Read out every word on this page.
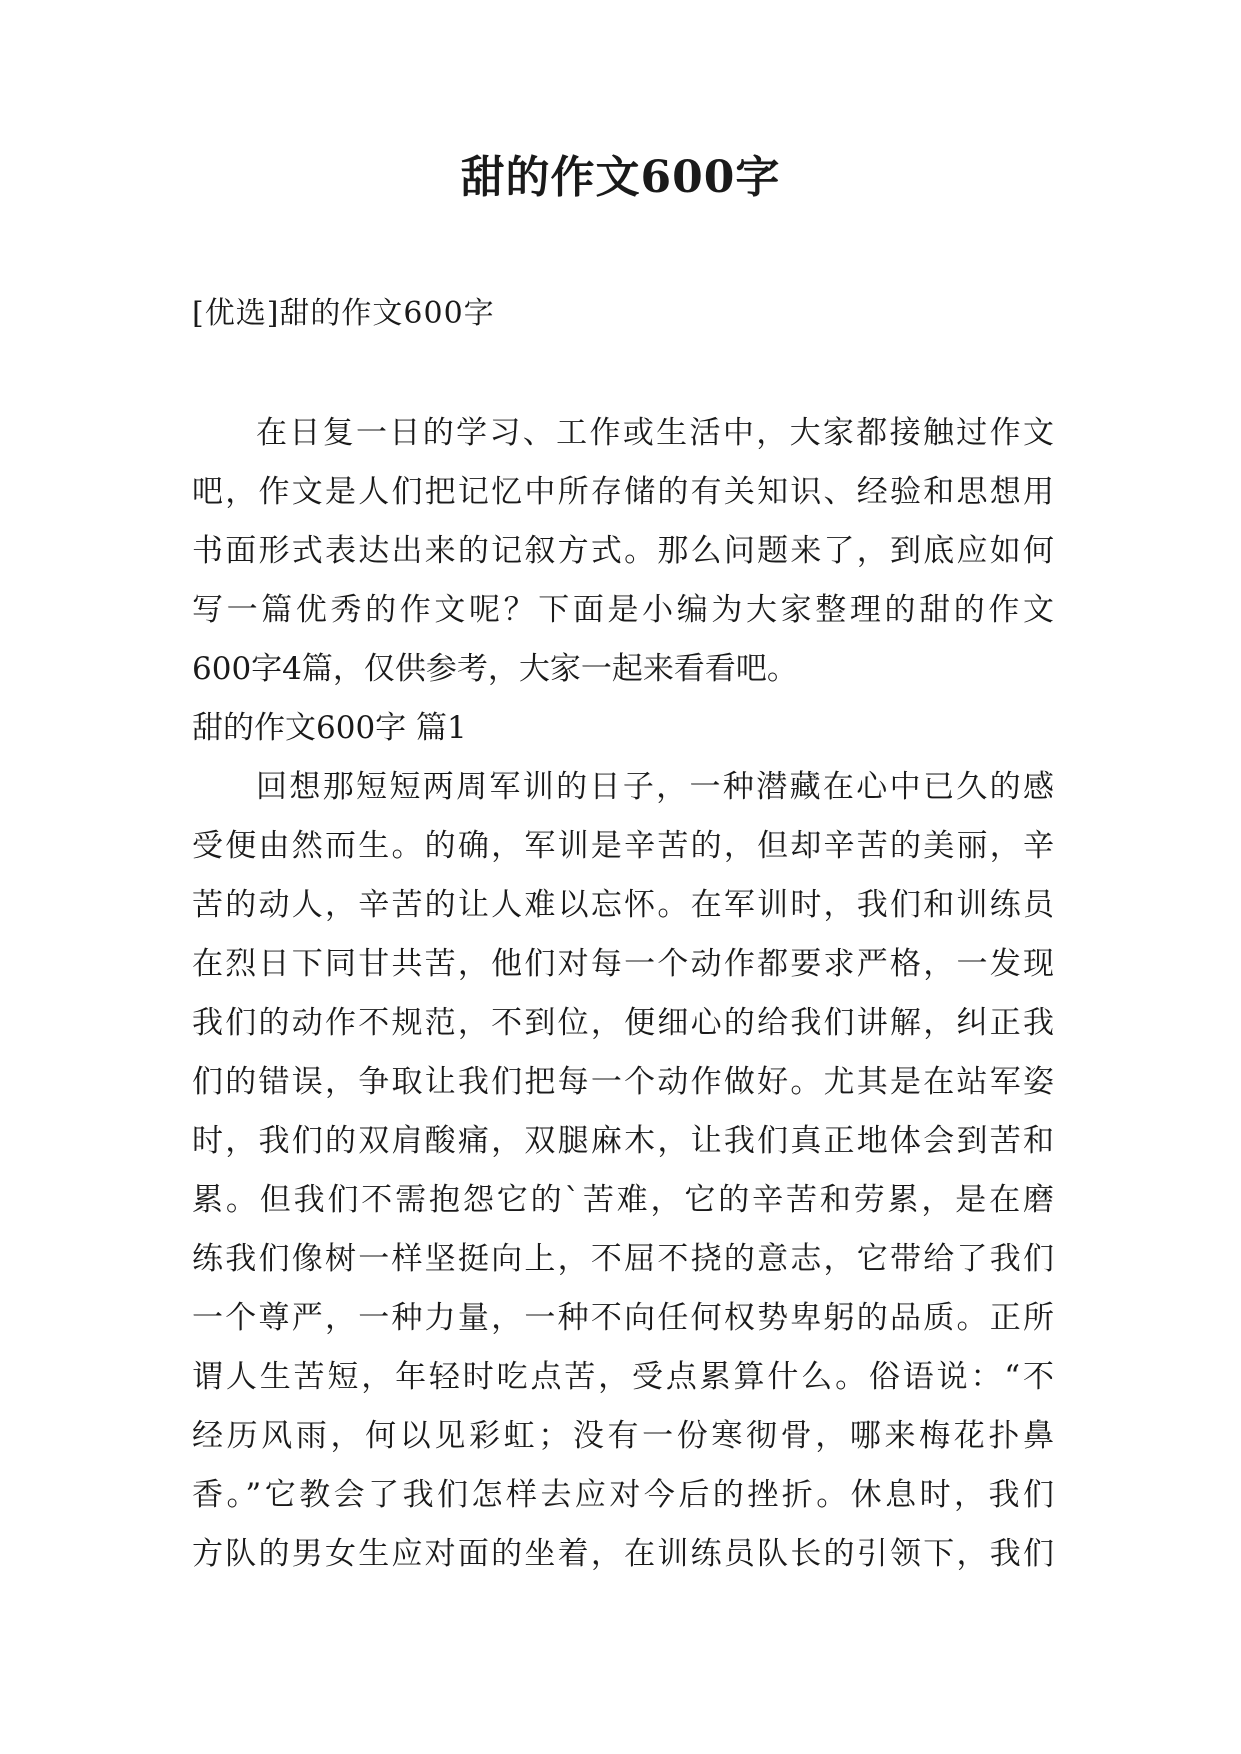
甜的作文600字
[优选]甜的作文600字
在日复一日的学习、工作或生活中，大家都接触过作文
吧，作文是人们把记忆中所存储的有关知识、经验和思想用
书面形式表达出来的记叙方式。那么问题来了，到底应如何
写一篇优秀的作文呢？下面是小编为大家整理的甜的作文
600字4篇，仅供参考，大家一起来看看吧。
甜的作文600字 篇1
回想那短短两周军训的日子，一种潜藏在心中已久的感
受便由然而生。的确，军训是辛苦的，但却辛苦的美丽，辛
苦的动人，辛苦的让人难以忘怀。在军训时，我们和训练员
在烈日下同甘共苦，他们对每一个动作都要求严格，一发现
我们的动作不规范，不到位，便细心的给我们讲解，纠正我
们的错误，争取让我们把每一个动作做好。尤其是在站军姿
时，我们的双肩酸痛，双腿麻木，让我们真正地体会到苦和
累。但我们不需抱怨它的`苦难，它的辛苦和劳累，是在磨
练我们像树一样坚挺向上，不屈不挠的意志，它带给了我们
一个尊严，一种力量，一种不向任何权势卑躬的品质。正所
谓人生苦短，年轻时吃点苦，受点累算什么。俗语说：“不
经历风雨，何以见彩虹；没有一份寒彻骨，哪来梅花扑鼻
香。”它教会了我们怎样去应对今后的挫折。休息时，我们
方队的男女生应对面的坐着，在训练员队长的引领下，我们
